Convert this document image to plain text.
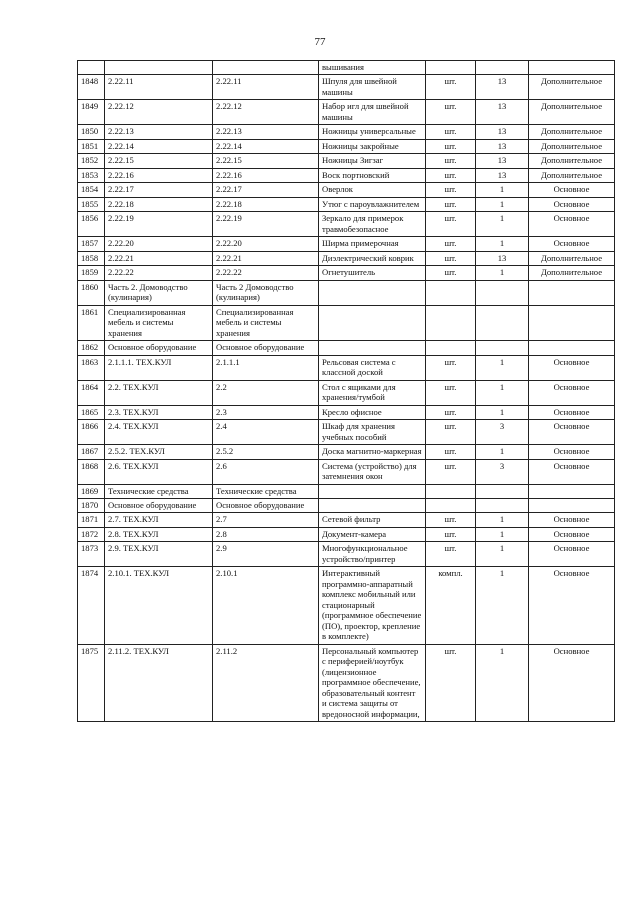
77
			вышивания			
1848	2.22.11	2.22.11	Шпуля для швейной машины	шт.	13	Дополнительное
1849	2.22.12	2.22.12	Набор игл для швейной машины	шт.	13	Дополнительное
1850	2.22.13	2.22.13	Ножницы универсальные	шт.	13	Дополнительное
1851	2.22.14	2.22.14	Ножницы закройные	шт.	13	Дополнительное
1852	2.22.15	2.22.15	Ножницы Зигзаг	шт.	13	Дополнительное
1853	2.22.16	2.22.16	Воск портновский	шт.	13	Дополнительное
1854	2.22.17	2.22.17	Оверлок	шт.	1	Основное
1855	2.22.18	2.22.18	Утюг с пароувлажнителем	шт.	1	Основное
1856	2.22.19	2.22.19	Зеркало для примерок травмобезопасное	шт.	1	Основное
1857	2.22.20	2.22.20	Ширма примерочная	шт.	1	Основное
1858	2.22.21	2.22.21	Диэлектрический коврик	шт.	13	Дополнительное
1859	2.22.22	2.22.22	Огнетушитель	шт.	1	Дополнительное
1860	Часть 2. Домоводство (кулинария)	Часть 2 Домоводство (кулинария)				
1861	Специализированная мебель и системы хранения	Специализированная мебель и системы хранения				
1862	Основное оборудование	Основное оборудование				
1863	2.1.1.1. ТЕХ.КУЛ	2.1.1.1	Рельсовая система с классной доской	шт.	1	Основное
1864	2.2. ТЕХ.КУЛ	2.2	Стол с ящиками для хранения/тумбой	шт.	1	Основное
1865	2.3. ТЕХ.КУЛ	2.3	Кресло офисное	шт.	1	Основное
1866	2.4. ТЕХ.КУЛ	2.4	Шкаф для хранения учебных пособий	шт.	3	Основное
1867	2.5.2. ТЕХ.КУЛ	2.5.2	Доска магнитно-маркерная	шт.	1	Основное
1868	2.6. ТЕХ.КУЛ	2.6	Система (устройство) для затемнения окон	шт.	3	Основное
1869	Технические средства	Технические средства				
1870	Основное оборудование	Основное оборудование				
1871	2.7. ТЕХ.КУЛ	2.7	Сетевой фильтр	шт.	1	Основное
1872	2.8. ТЕХ.КУЛ	2.8	Документ-камера	шт.	1	Основное
1873	2.9. ТЕХ.КУЛ	2.9	Многофункциональное устройство/принтер	шт.	1	Основное
1874	2.10.1. ТЕХ.КУЛ	2.10.1	Интерактивный программно-аппаратный комплекс мобильный или стационарный (программное обеспечение (ПО), проектор, крепление в комплекте)	компл.	1	Основное
1875	2.11.2. ТЕХ.КУЛ	2.11.2	Персональный компьютер с периферией/ноутбук (лицензионное программное обеспечение, образовательный контент и система защиты от вредоносной информации,	шт.	1	Основное
